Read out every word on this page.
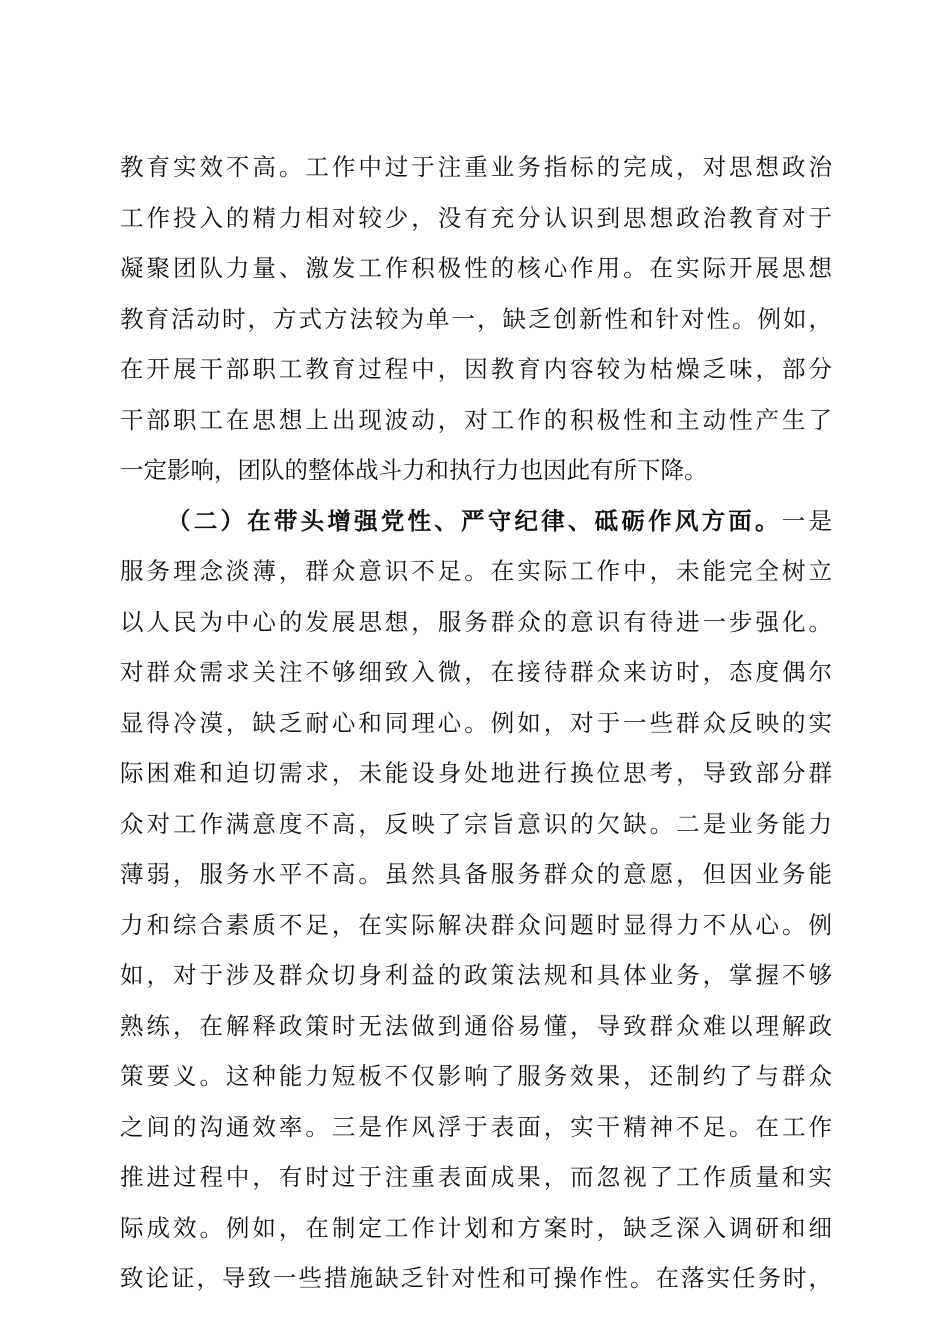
教育实效不高。工作中过于注重业务指标的完成，对思想政治
工作投入的精力相对较少，没有充分认识到思想政治教育对于
凝聚团队力量、激发工作积极性的核心作用。在实际开展思想
教育活动时，方式方法较为单一，缺乏创新性和针对性。例如，
在开展干部职工教育过程中，因教育内容较为枯燥乏味，部分
干部职工在思想上出现波动，对工作的积极性和主动性产生了
一定影响，团队的整体战斗力和执行力也因此有所下降。
（二）在带头增强党性、严守纪律、砥砺作风方面。一是
服务理念淡薄，群众意识不足。在实际工作中，未能完全树立
以人民为中心的发展思想，服务群众的意识有待进一步强化。
对群众需求关注不够细致入微，在接待群众来访时，态度偶尔
显得冷漠，缺乏耐心和同理心。例如，对于一些群众反映的实
际困难和迫切需求，未能设身处地进行换位思考，导致部分群
众对工作满意度不高，反映了宗旨意识的欠缺。二是业务能力
薄弱，服务水平不高。虽然具备服务群众的意愿，但因业务能
力和综合素质不足，在实际解决群众问题时显得力不从心。例
如，对于涉及群众切身利益的政策法规和具体业务，掌握不够
熟练，在解释政策时无法做到通俗易懂，导致群众难以理解政
策要义。这种能力短板不仅影响了服务效果，还制约了与群众
之间的沟通效率。三是作风浮于表面，实干精神不足。在工作
推进过程中，有时过于注重表面成果，而忽视了工作质量和实
际成效。例如，在制定工作计划和方案时，缺乏深入调研和细
致论证，导致一些措施缺乏针对性和可操作性。在落实任务时，
